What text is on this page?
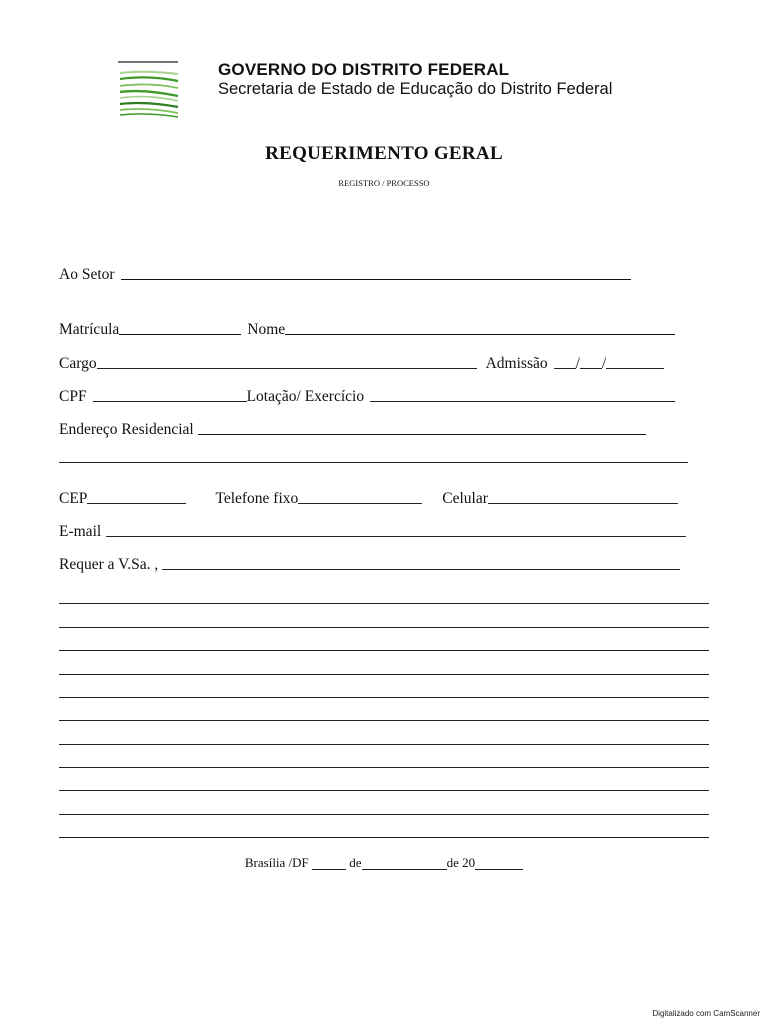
GOVERNO DO DISTRITO FEDERAL
Secretaria de Estado de Educação do Distrito Federal
REQUERIMENTO GERAL
REGISTRO / PROCESSO
Ao Setor
Matrícula	Nome
Cargo	Admissão / /
CPF	Lotação/ Exercício
Endereço Residencial
CEP	Telefone fixo	Celular
E-mail
Requer a V.Sa. ,
Brasília /DF	de	de 20
Digitalizado com CamScanner
